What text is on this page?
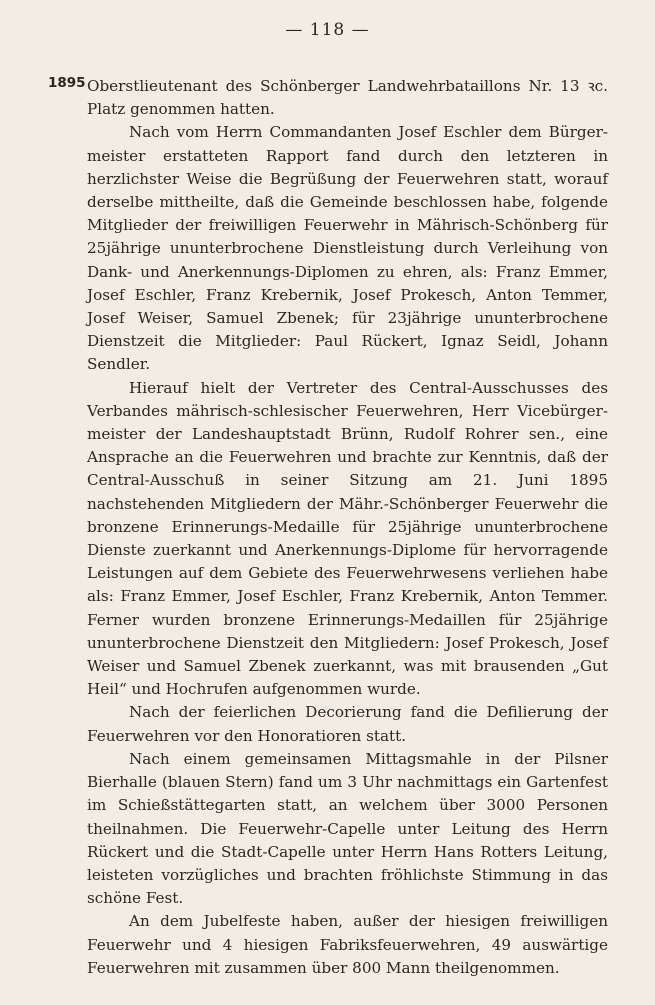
— 118 —
1895 Oberstlieutenant des Schönberger Landwehrbataillons Nr. 13 ꝛc. Platz genommen hatten.

Nach vom Herrn Commandanten Josef Eschler dem Bürgermeister erstatteten Rapport fand durch den letzteren in herzlichster Weise die Begrüßung der Feuerwehren statt, worauf derselbe mittheilte, daß die Gemeinde beschlossen habe, folgende Mitglieder der freiwilligen Feuerwehr in Mährisch-Schönberg für 25jährige ununterbrochene Dienstleistung durch Verleihung von Dank- und Anerkennungs-Diplomen zu ehren, als: Franz Emmer, Josef Eschler, Franz Krebernik, Josef Prokesch, Anton Temmer, Josef Weiser, Samuel Zbenek; für 23jährige ununterbrochene Dienstzeit die Mitglieder: Paul Rückert, Ignaz Seidl, Johann Sendler.

Hierauf hielt der Vertreter des Central-Ausschusses des Verbandes mährisch-schlesischer Feuerwehren, Herr Vicebürgermeister der Landeshauptstadt Brünn, Rudolf Rohrer sen., eine Ansprache an die Feuerwehren und brachte zur Kenntnis, daß der Central-Ausschuß in seiner Sitzung am 21. Juni 1895 nachstehenden Mitgliedern der Mähr.-Schönberger Feuerwehr die bronzene Erinnerungs-Medaille für 25jährige ununterbrochene Dienste zuerkannt und Anerkennungs-Diplome für hervorragende Leistungen auf dem Gebiete des Feuerwehrwesens verliehen habe als: Franz Emmer, Josef Eschler, Franz Krebernik, Anton Temmer. Ferner wurden bronzene Erinnerungs-Medaillen für 25jährige ununterbrochene Dienstzeit den Mitgliedern: Josef Prokesch, Josef Weiser und Samuel Zbenek zuerkannt, was mit brausenden „Gut Heil“ und Hochrufen aufgenommen wurde.

Nach der feierlichen Decorierung fand die Defilierung der Feuerwehren vor den Honoratioren statt.

Nach einem gemeinsamen Mittagsmahle in der Pilsner Bierhalle (blauen Stern) fand um 3 Uhr nachmittags ein Gartenfest im Schießstättegarten statt, an welchem über 3000 Personen theilnahmen. Die Feuerwehr-Capelle unter Leitung des Herrn Rückert und die Stadt-Capelle unter Herrn Hans Rotters Leitung, leisteten vorzügliches und brachten fröhlichste Stimmung in das schöne Fest.

An dem Jubelfeste haben, außer der hiesigen freiwilligen Feuerwehr und 4 hiesigen Fabriksfeuerwehren, 49 auswärtige Feuerwehren mit zusammen über 800 Mann theilgenommen.
